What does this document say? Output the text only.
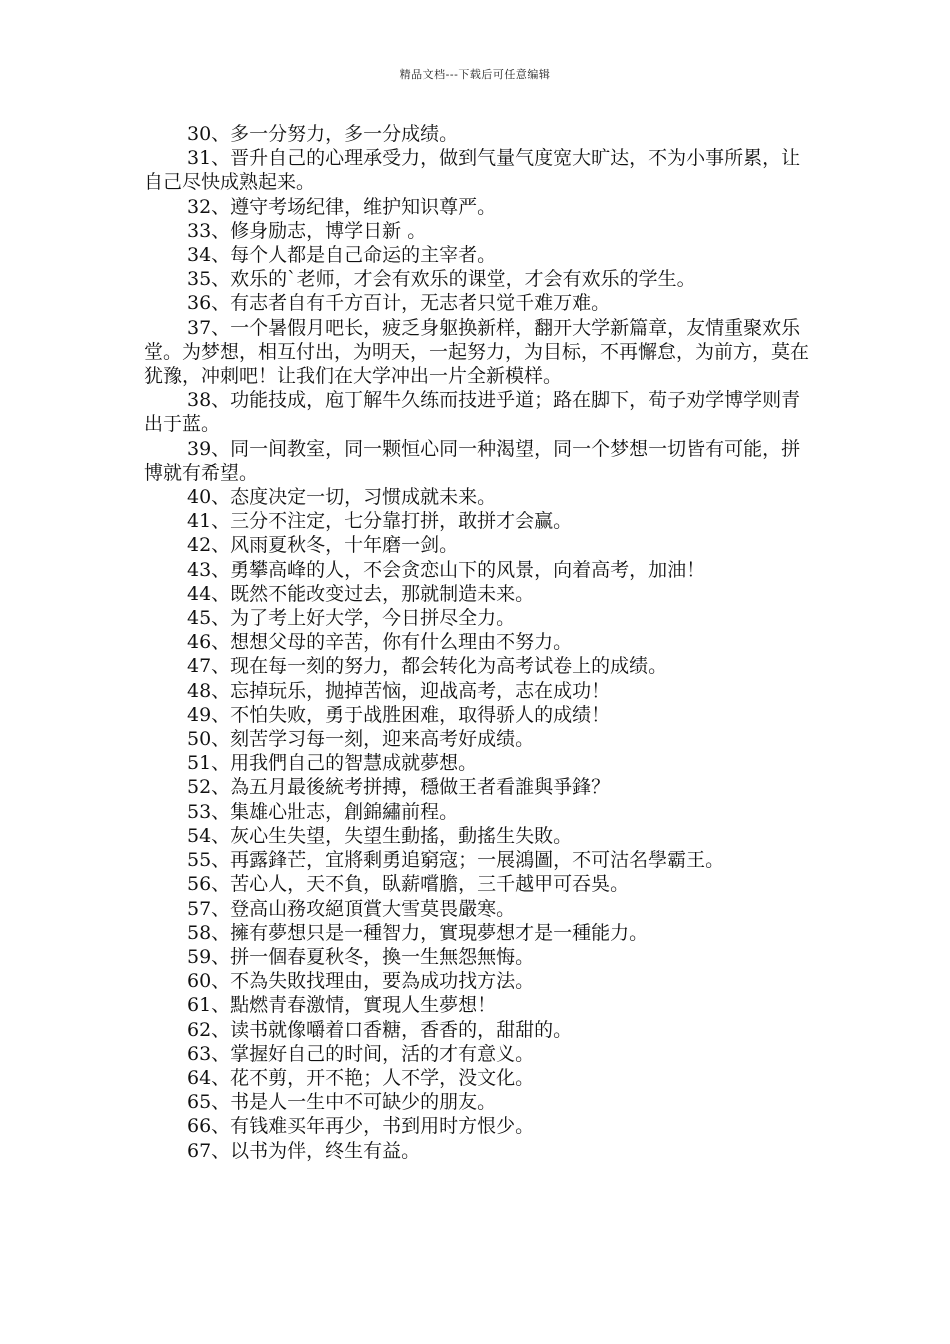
精品文档---下载后可任意编辑

30、多一分努力，多一分成绩。

31、晋升自己的心理承受力，做到气量气度宽大旷达，不为小事所累，让自己尽快成熟起来。

32、遵守考场纪律，维护知识尊严。

33、修身励志，博学日新 。

34、每个人都是自己命运的主宰者。

35、欢乐的`老师，才会有欢乐的课堂，才会有欢乐的学生。

36、有志者自有千方百计，无志者只觉千难万难。

37、一个暑假月吧长，疲乏身躯换新样，翻开大学新篇章，友情重聚欢乐堂。为梦想，相互付出，为明天，一起努力，为目标，不再懈怠，为前方，莫在犹豫，冲刺吧！让我们在大学冲出一片全新模样。

38、功能技成，庖丁解牛久练而技进乎道；路在脚下，荀子劝学博学则青出于蓝。

39、同一间教室，同一颗恒心同一种渴望，同一个梦想一切皆有可能，拼博就有希望。

40、态度决定一切，习惯成就未来。

41、三分不注定，七分靠打拼，敢拼才会赢。

42、风雨夏秋冬，十年磨一剑。

43、勇攀高峰的人，不会贪恋山下的风景，向着高考，加油！

44、既然不能改变过去，那就制造未来。

45、为了考上好大学，今日拼尽全力。

46、想想父母的辛苦，你有什么理由不努力。

47、现在每一刻的努力，都会转化为高考试卷上的成绩。

48、忘掉玩乐，抛掉苦恼，迎战高考，志在成功！

49、不怕失败，勇于战胜困难，取得骄人的成绩！

50、刻苦学习每一刻，迎来高考好成绩。

51、用我們自己的智慧成就夢想。

52、為五月最後統考拼搏，穩做王者看誰與爭鋒？

53、集雄心壯志，創錦繡前程。

54、灰心生失望，失望生動搖，動搖生失敗。

55、再露鋒芒，宜將剩勇追窮寇；一展鴻圖，不可沽名學霸王。

56、苦心人，天不負，臥薪嚐膽，三千越甲可吞吳。

57、登高山務攻絕頂賞大雪莫畏嚴寒。

58、擁有夢想只是一種智力，實現夢想才是一種能力。

59、拼一個春夏秋冬，換一生無怨無悔。

60、不為失敗找理由，要為成功找方法。

61、點燃青春激情，實現人生夢想！

62、读书就像嚼着口香糖，香香的，甜甜的。

63、掌握好自己的时间，活的才有意义。

64、花不剪，开不艳；人不学，没文化。

65、书是人一生中不可缺少的朋友。

66、有钱难买年再少，书到用时方恨少。

67、以书为伴，终生有益。
